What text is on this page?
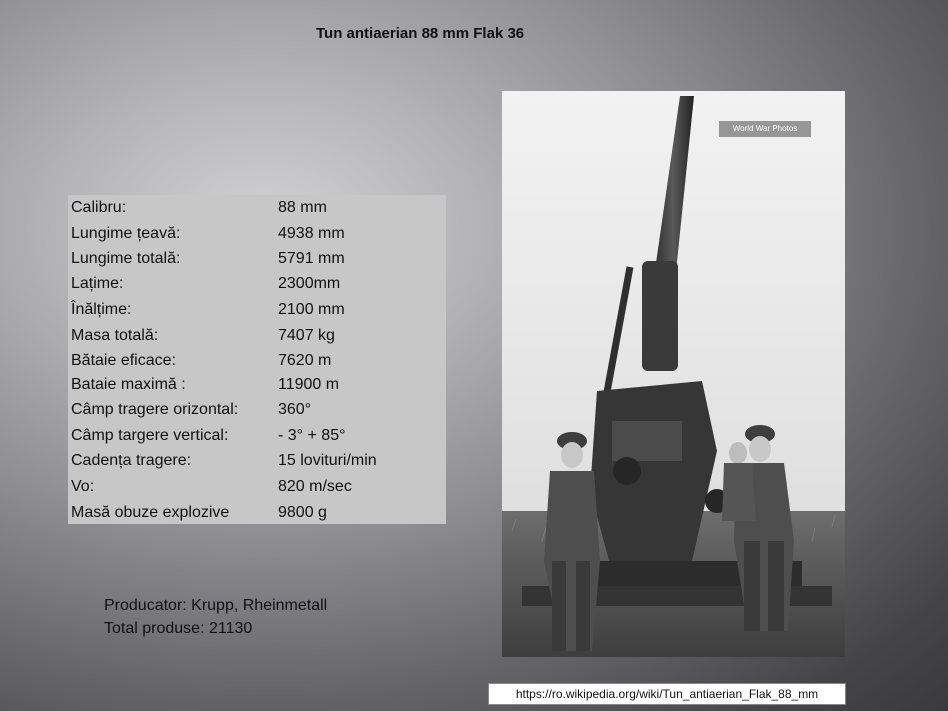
Tun antiaerian 88 mm Flak 36
Calibru:	88 mm
Lungime țeavă:	4938 mm
Lungime totală:	5791 mm
Lațime:	2300mm
Înălțime:	2100 mm
Masa totală:	7407 kg
Bătaie eficace:	7620 m
Bataie maximă :	11900 m
Câmp tragere orizontal: 360°
Câmp targere vertical:	- 3° + 85°
Cadența tragere:	15 lovituri/min
Vo:	820 m/sec
Masă obuze explozive	9800 g
Producator: Krupp, Rheinmetall
Total produse: 21130
World War Photos
https://ro.wikipedia.org/wiki/Tun_antiaerian_Flak_88_mm
